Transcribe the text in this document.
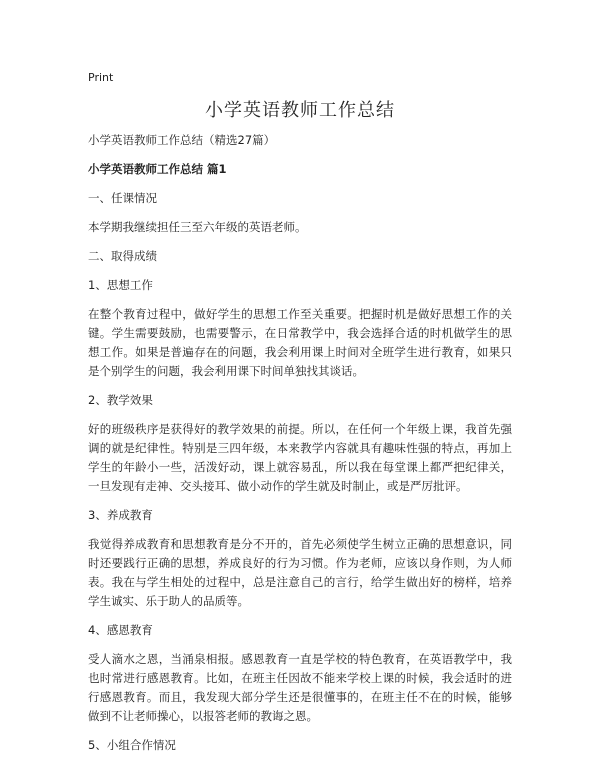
Print
小学英语教师工作总结

小学英语教师工作总结（精选27篇）

小学英语教师工作总结 篇1

一、任课情况

本学期我继续担任三至六年级的英语老师。

二、取得成绩

1、思想工作

在整个教育过程中，做好学生的思想工作至关重要。把握时机是做好思想工作的关键。学生需要鼓励，也需要警示，在日常教学中，我会选择合适的时机做学生的思想工作。如果是普遍存在的问题，我会利用课上时间对全班学生进行教育，如果只是个别学生的问题，我会利用课下时间单独找其谈话。

2、教学效果

好的班级秩序是获得好的教学效果的前提。所以，在任何一个年级上课，我首先强调的就是纪律性。特别是三四年级，本来教学内容就具有趣味性强的特点，再加上学生的年龄小一些，活泼好动，课上就容易乱，所以我在每堂课上都严把纪律关，一旦发现有走神、交头接耳、做小动作的学生就及时制止，或是严厉批评。

3、养成教育

我觉得养成教育和思想教育是分不开的，首先必须使学生树立正确的思想意识，同时还要践行正确的思想，养成良好的行为习惯。作为老师，应该以身作则，为人师表。我在与学生相处的过程中，总是注意自己的言行，给学生做出好的榜样，培养学生诚实、乐于助人的品质等。

4、感恩教育

受人滴水之恩，当涌泉相报。感恩教育一直是学校的特色教育，在英语教学中，我也时常进行感恩教育。比如，在班主任因故不能来学校上课的时候，我会适时的进行感恩教育。而且，我发现大部分学生还是很懂事的，在班主任不在的时候，能够做到不让老师操心，以报答老师的教诲之恩。

5、小组合作情况
